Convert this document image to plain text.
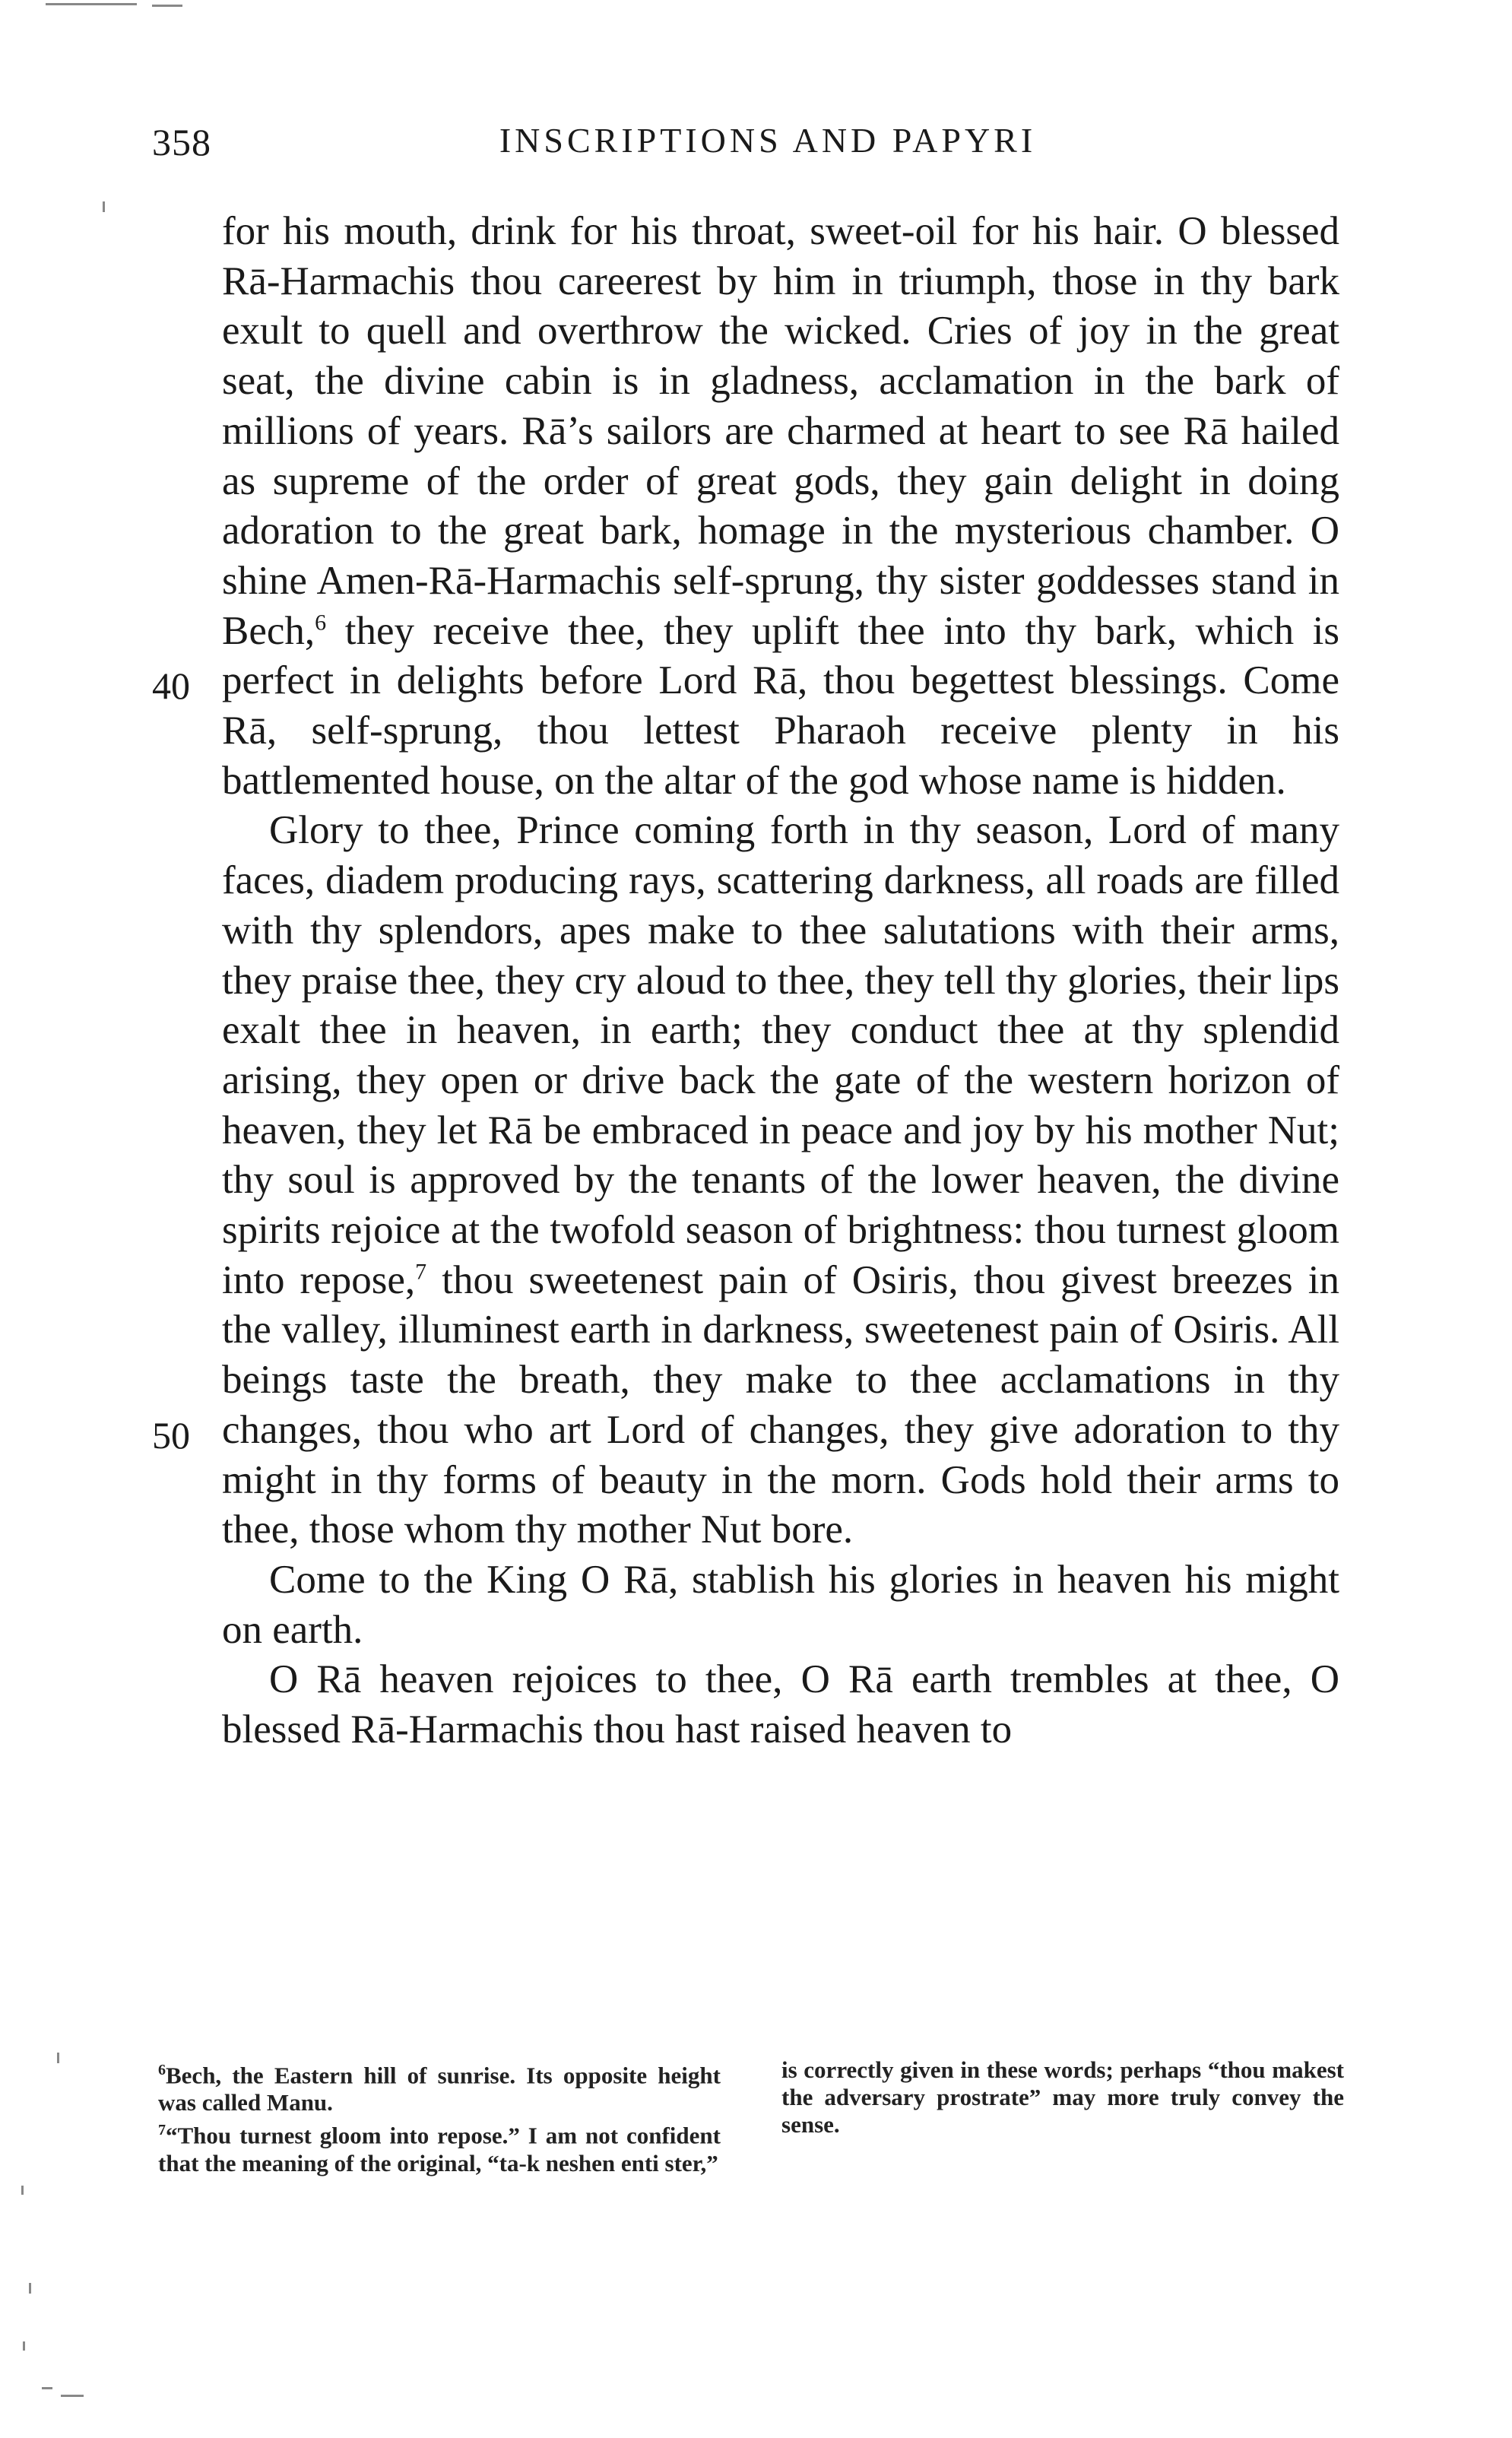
358	INSCRIPTIONS AND PAPYRI
40
50

for his mouth, drink for his throat, sweet-oil for his hair. O blessed Rā-Harmachis thou careerest by him in triumph, those in thy bark exult to quell and overthrow the wicked. Cries of joy in the great seat, the divine cabin is in gladness, acclamation in the bark of millions of years. Rā’s sailors are charmed at heart to see Rā hailed as supreme of the order of great gods, they gain delight in doing adoration to the great bark, homage in the mysterious chamber. O shine Amen-Rā-Harmachis self-sprung, thy sister goddesses stand in Bech,$^6$ they receive thee, they uplift thee into thy bark, which is perfect in delights before Lord Rā, thou begettest blessings. Come Rā, self-sprung, thou lettest Pharaoh receive plenty in his battlemented house, on the altar of the god whose name is hidden.

Glory to thee, Prince coming forth in thy season, Lord of many faces, diadem producing rays, scattering darkness, all roads are filled with thy splendors, apes make to thee salutations with their arms, they praise thee, they cry aloud to thee, they tell thy glories, their lips exalt thee in heaven, in earth; they conduct thee at thy splendid arising, they open or drive back the gate of the western horizon of heaven, they let Rā be embraced in peace and joy by his mother Nut; thy soul is approved by the tenants of the lower heaven, the divine spirits rejoice at the twofold season of brightness: thou turnest gloom into repose,$^7$ thou sweetenest pain of Osiris, thou givest breezes in the valley, illuminest earth in darkness, sweetenest pain of Osiris. All beings taste the breath, they make to thee acclamations in thy changes, thou who art Lord of changes, they give adoration to thy might in thy forms of beauty in the morn. Gods hold their arms to thee, those whom thy mother Nut bore.

Come to the King O Rā, stablish his glories in heaven his might on earth.

O Rā heaven rejoices to thee, O Rā earth trembles at thee, O blessed Rā-Harmachis thou hast raised heaven to

$^6$Bech, the Eastern hill of sunrise. Its opposite height was called Manu.

$^7$“Thou turnest gloom into repose.” I am not confident that the meaning of the original, “ta-k neshen enti ster,”

is correctly given in these words; perhaps “thou makest the adversary prostrate” may more truly convey the sense.
